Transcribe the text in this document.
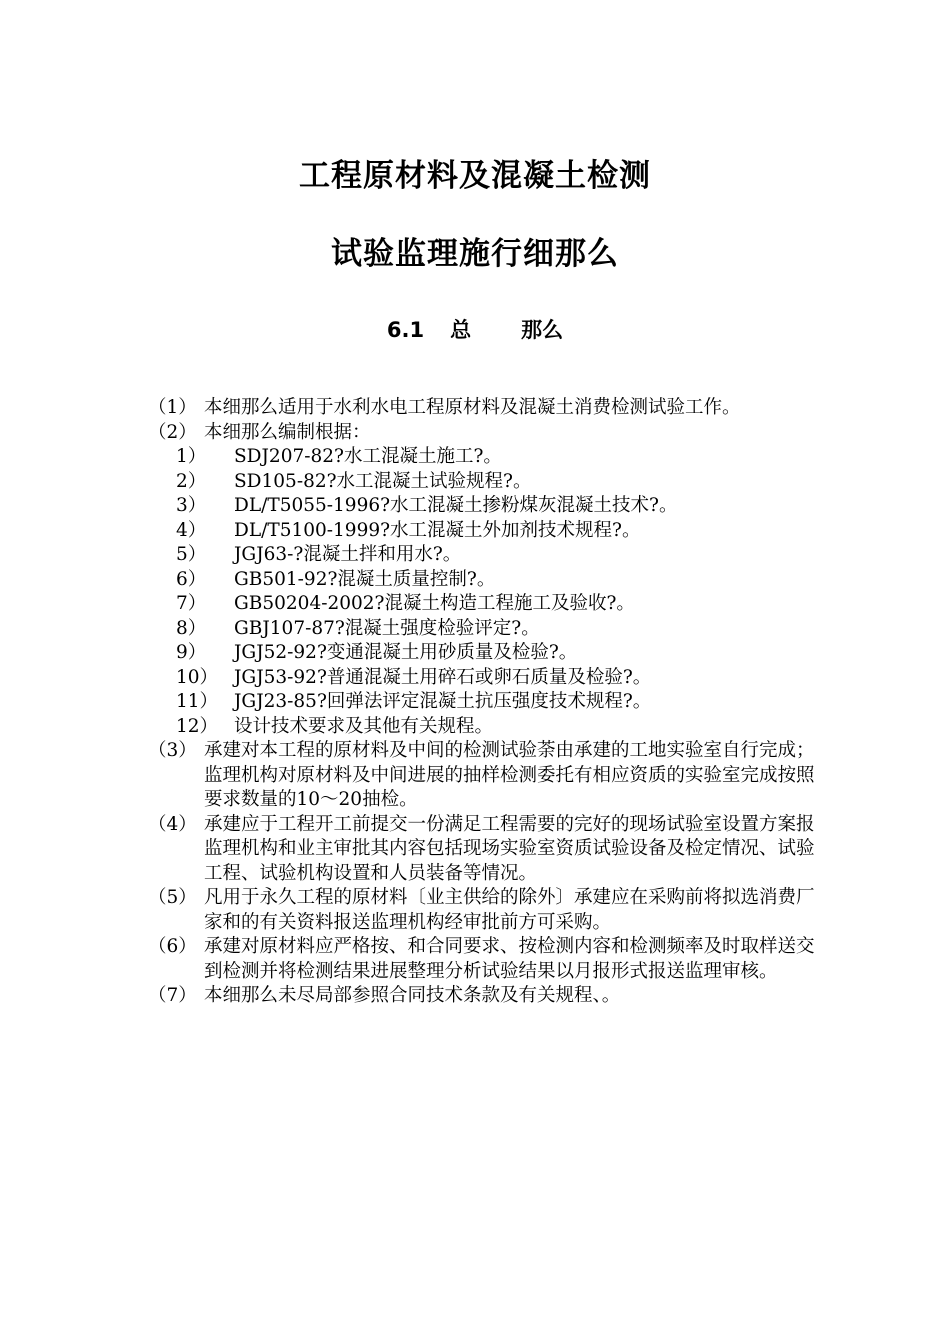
工程原材料及混凝土检测
试验监理施行细那么
6.1 总 那么
（1） 本细那么适用于水利水电工程原材料及混凝土消费检测试验工作。
（2） 本细那么编制根据：
1）	SDJ207-82?水工混凝土施工?。
2）	SD105-82?水工混凝土试验规程?。
3）	DL/T5055-1996?水工混凝土掺粉煤灰混凝土技术?。
4）	DL/T5100-1999?水工混凝土外加剂技术规程?。
5）	JGJ63-?混凝土拌和用水?。
6）	GB501-92?混凝土质量控制?。
7）	GB50204-2002?混凝土构造工程施工及验收?。
8）	GBJ107-87?混凝土强度检验评定?。
9）	JGJ52-92?变通混凝土用砂质量及检验?。
10） JGJ53-92?普通混凝土用碎石或卵石质量及检验?。
11） JGJ23-85?回弹法评定混凝土抗压强度技术规程?。
12） 设计技术要求及其他有关规程。
（3） 承建对本工程的原材料及中间的检测试验荼由承建的工地实验室自行完成；监理机构对原材料及中间进展的抽样检测委托有相应资质的实验室完成按照要求数量的10～20抽检。
（4） 承建应于工程开工前提交一份满足工程需要的完好的现场试验室设置方案报监理机构和业主审批其内容包括现场实验室资质试验设备及检定情况、试验工程、试验机构设置和人员装备等情况。
（5） 凡用于永久工程的原材料〔业主供给的除外〕承建应在采购前将拟选消费厂家和的有关资料报送监理机构经审批前方可采购。
（6） 承建对原材料应严格按、和合同要求、按检测内容和检测频率及时取样送交到检测并将检测结果进展整理分析试验结果以月报形式报送监理审核。
（7） 本细那么未尽局部参照合同技术条款及有关规程、。
